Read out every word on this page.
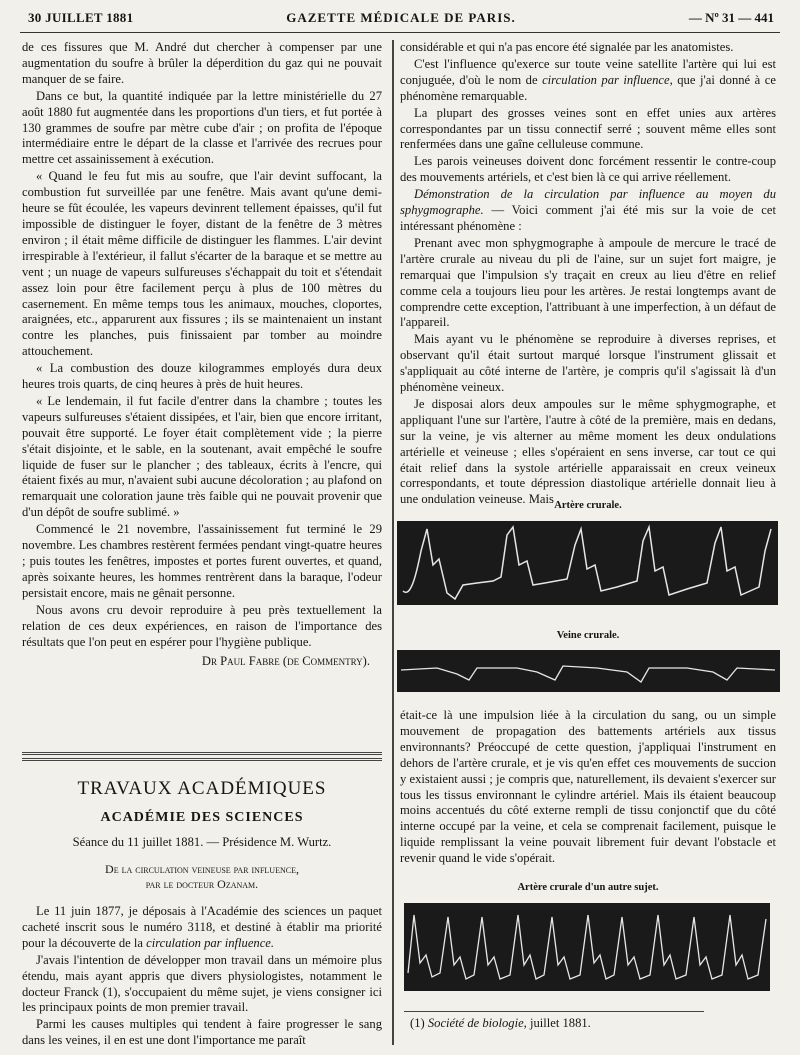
30 JUILLET 1881	GAZETTE MÉDICALE DE PARIS.	— Nº 31 — 441

de ces fissures que M. André dut chercher à compenser par une augmentation du soufre à brûler la déperdition du gaz qui ne pouvait manquer de se faire.

Dans ce but, la quantité indiquée par la lettre ministérielle du 27 août 1880 fut augmentée dans les proportions d'un tiers, et fut portée à 130 grammes de soufre par mètre cube d'air ; on profita de l'époque intermédiaire entre le départ de la classe et l'arrivée des recrues pour mettre cet assainissement à exécution.

« Quand le feu fut mis au soufre, que l'air devint suffocant, la combustion fut surveillée par une fenêtre. Mais avant qu'une demi-heure se fût écoulée, les vapeurs devinrent tellement épaisses, qu'il fut impossible de distinguer le foyer, distant de la fenêtre de 3 mètres environ ; il était même difficile de distinguer les flammes. L'air devint irrespirable à l'extérieur, il fallut s'écarter de la baraque et se mettre au vent ; un nuage de vapeurs sulfureuses s'échappait du toit et s'étendait assez loin pour être facilement perçu à plus de 100 mètres du casernement. En même temps tous les animaux, mouches, cloportes, araignées, etc., apparurent aux fissures ; ils se maintenaient un instant contre les planches, puis finissaient par tomber au moindre attouchement.

« La combustion des douze kilogrammes employés dura deux heures trois quarts, de cinq heures à près de huit heures.

« Le lendemain, il fut facile d'entrer dans la chambre ; toutes les vapeurs sulfureuses s'étaient dissipées, et l'air, bien que encore irritant, pouvait être supporté. Le foyer était complètement vide ; la pierre s'était disjointe, et le sable, en la soutenant, avait empêché le soufre liquide de fuser sur le plancher ; des tableaux, écrits à l'encre, qui étaient fixés au mur, n'avaient subi aucune décoloration ; au plafond on remarquait une coloration jaune très faible qui ne pouvait provenir que d'un dépôt de soufre sublimé. »

Commencé le 21 novembre, l'assainissement fut terminé le 29 novembre. Les chambres restèrent fermées pendant vingt-quatre heures ; puis toutes les fenêtres, impostes et portes furent ouvertes, et quand, après soixante heures, les hommes rentrèrent dans la baraque, l'odeur persistait encore, mais ne gênait personne.

Nous avons cru devoir reproduire à peu près textuellement la relation de ces deux expériences, en raison de l'importance des résultats que l'on peut en espérer pour l'hygiène publique.

Dr Paul Fabre (de Commentry).
TRAVAUX ACADÉMIQUES
ACADÉMIE DES SCIENCES
Séance du 11 juillet 1881. — Présidence M. Wurtz.
De la circulation veineuse par influence,
par le docteur Ozanam.

Le 11 juin 1877, je déposais à l'Académie des sciences un paquet cacheté inscrit sous le numéro 3118, et destiné à établir ma priorité pour la découverte de la circulation par influence.

J'avais l'intention de développer mon travail dans un mémoire plus étendu, mais ayant appris que divers physiologistes, notamment le docteur Franck (1), s'occupaient du même sujet, je viens consigner ici les principaux points de mon premier travail.

Parmi les causes multiples qui tendent à faire progresser le sang dans les veines, il en est une dont l'importance me paraît

considérable et qui n'a pas encore été signalée par les anatomistes.

C'est l'influence qu'exerce sur toute veine satellite l'artère qui lui est conjuguée, d'où le nom de circulation par influence, que j'ai donné à ce phénomène remarquable.

La plupart des grosses veines sont en effet unies aux artères correspondantes par un tissu connectif serré ; souvent même elles sont renfermées dans une gaîne celluleuse commune.

Les parois veineuses doivent donc forcément ressentir le contre-coup des mouvements artériels, et c'est bien là ce qui arrive réellement.

Démonstration de la circulation par influence au moyen du sphygmographe. — Voici comment j'ai été mis sur la voie de cet intéressant phénomène :

Prenant avec mon sphygmographe à ampoule de mercure le tracé de l'artère crurale au niveau du pli de l'aine, sur un sujet fort maigre, je remarquai que l'impulsion s'y traçait en creux au lieu d'être en relief comme cela a toujours lieu pour les artères. Je restai longtemps avant de comprendre cette exception, l'attribuant à une imperfection, à un défaut de l'appareil.

Mais ayant vu le phénomène se reproduire à diverses reprises, et observant qu'il était surtout marqué lorsque l'instrument glissait et s'appliquait au côté interne de l'artère, je compris qu'il s'agissait là d'un phénomène veineux.

Je disposai alors deux ampoules sur le même sphygmographe, et appliquant l'une sur l'artère, l'autre à côté de la première, mais en dedans, sur la veine, je vis alterner au même moment les deux ondulations artérielle et veineuse ; elles s'opéraient en sens inverse, car tout ce qui était relief dans la systole artérielle apparaissait en creux veineux correspondants, et toute dépression diastolique artérielle donnait lieu à une ondulation veineuse. Mais Artère crurale.
Veine crurale.

était-ce là une impulsion liée à la circulation du sang, ou un simple mouvement de propagation des battements artériels aux tissus environnants? Préoccupé de cette question, j'appliquai l'instrument en dehors de l'artère crurale, et je vis qu'en effet ces mouvements de succion y existaient aussi ; je compris que, naturellement, ils devaient s'exercer sur tous les tissus environnant le cylindre artériel. Mais ils étaient beaucoup moins accentués du côté externe rempli de tissu conjonctif que du côté interne occupé par la veine, et cela se comprenait facilement, puisque le liquide remplissant la veine pouvait librement fuir devant l'obstacle et revenir quand le vide s'opérait.

Artère crurale d'un autre sujet.
(1) Société de biologie, juillet 1881.
